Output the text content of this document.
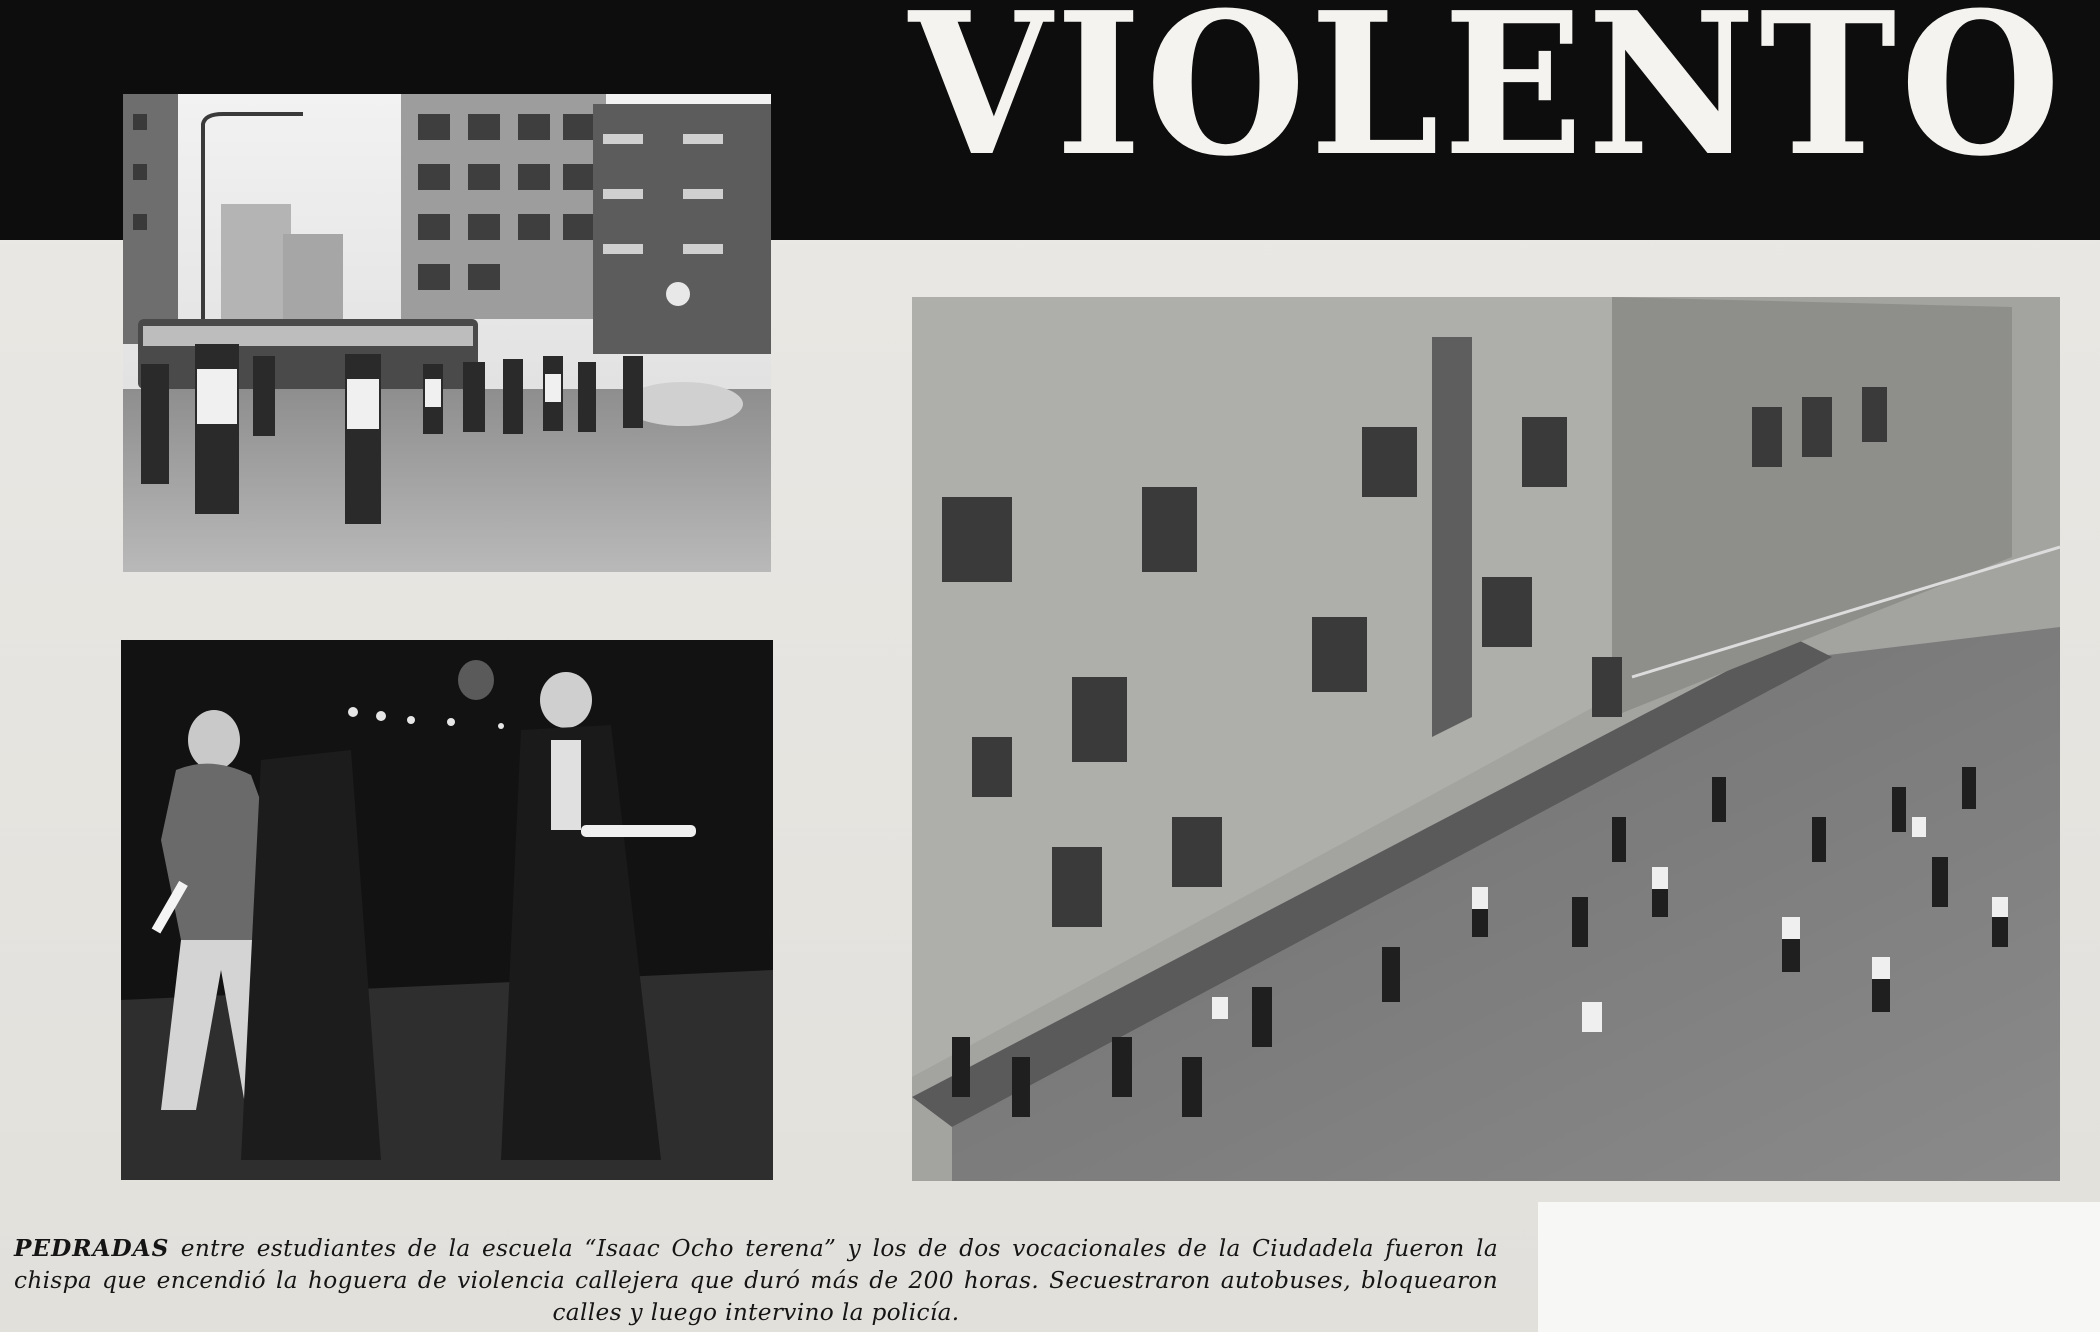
VIOLENTO

PEDRADAS entre estudiantes de la escuela “Isaac Ocho terena” y los de dos vocacionales de la Ciudadela fueron la chispa que encendió la hoguera de violencia callejera que duró más de 200 horas. Secuestraron autobuses, bloquearon calles y luego intervino la policía.
